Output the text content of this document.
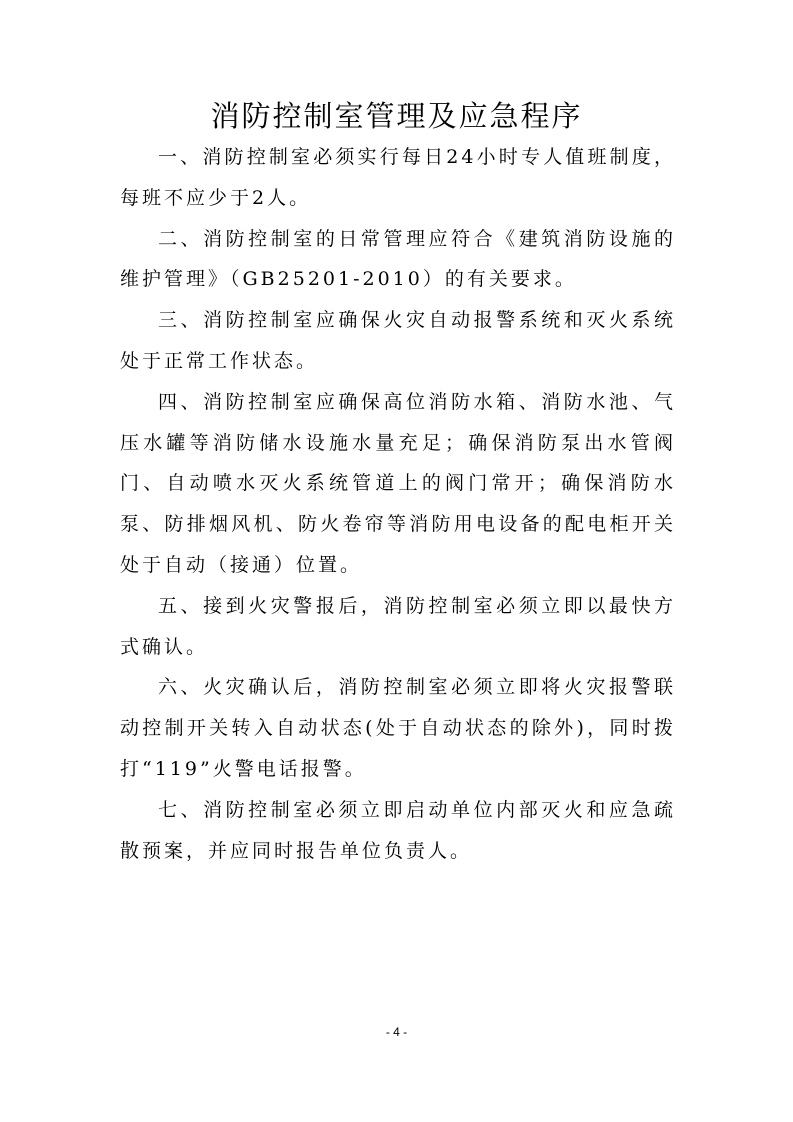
消防控制室管理及应急程序

一、消防控制室必须实行每日24小时专人值班制度，每班不应少于2人。

二、消防控制室的日常管理应符合《建筑消防设施的维护管理》（GB25201-2010）的有关要求。

三、消防控制室应确保火灾自动报警系统和灭火系统处于正常工作状态。

四、消防控制室应确保高位消防水箱、消防水池、气压水罐等消防储水设施水量充足；确保消防泵出水管阀门、自动喷水灭火系统管道上的阀门常开；确保消防水泵、防排烟风机、防火卷帘等消防用电设备的配电柜开关处于自动（接通）位置。

五、接到火灾警报后，消防控制室必须立即以最快方式确认。

六、火灾确认后，消防控制室必须立即将火灾报警联动控制开关转入自动状态(处于自动状态的除外)，同时拨打“119”火警电话报警。

七、消防控制室必须立即启动单位内部灭火和应急疏散预案，并应同时报告单位负责人。

- 4 -
